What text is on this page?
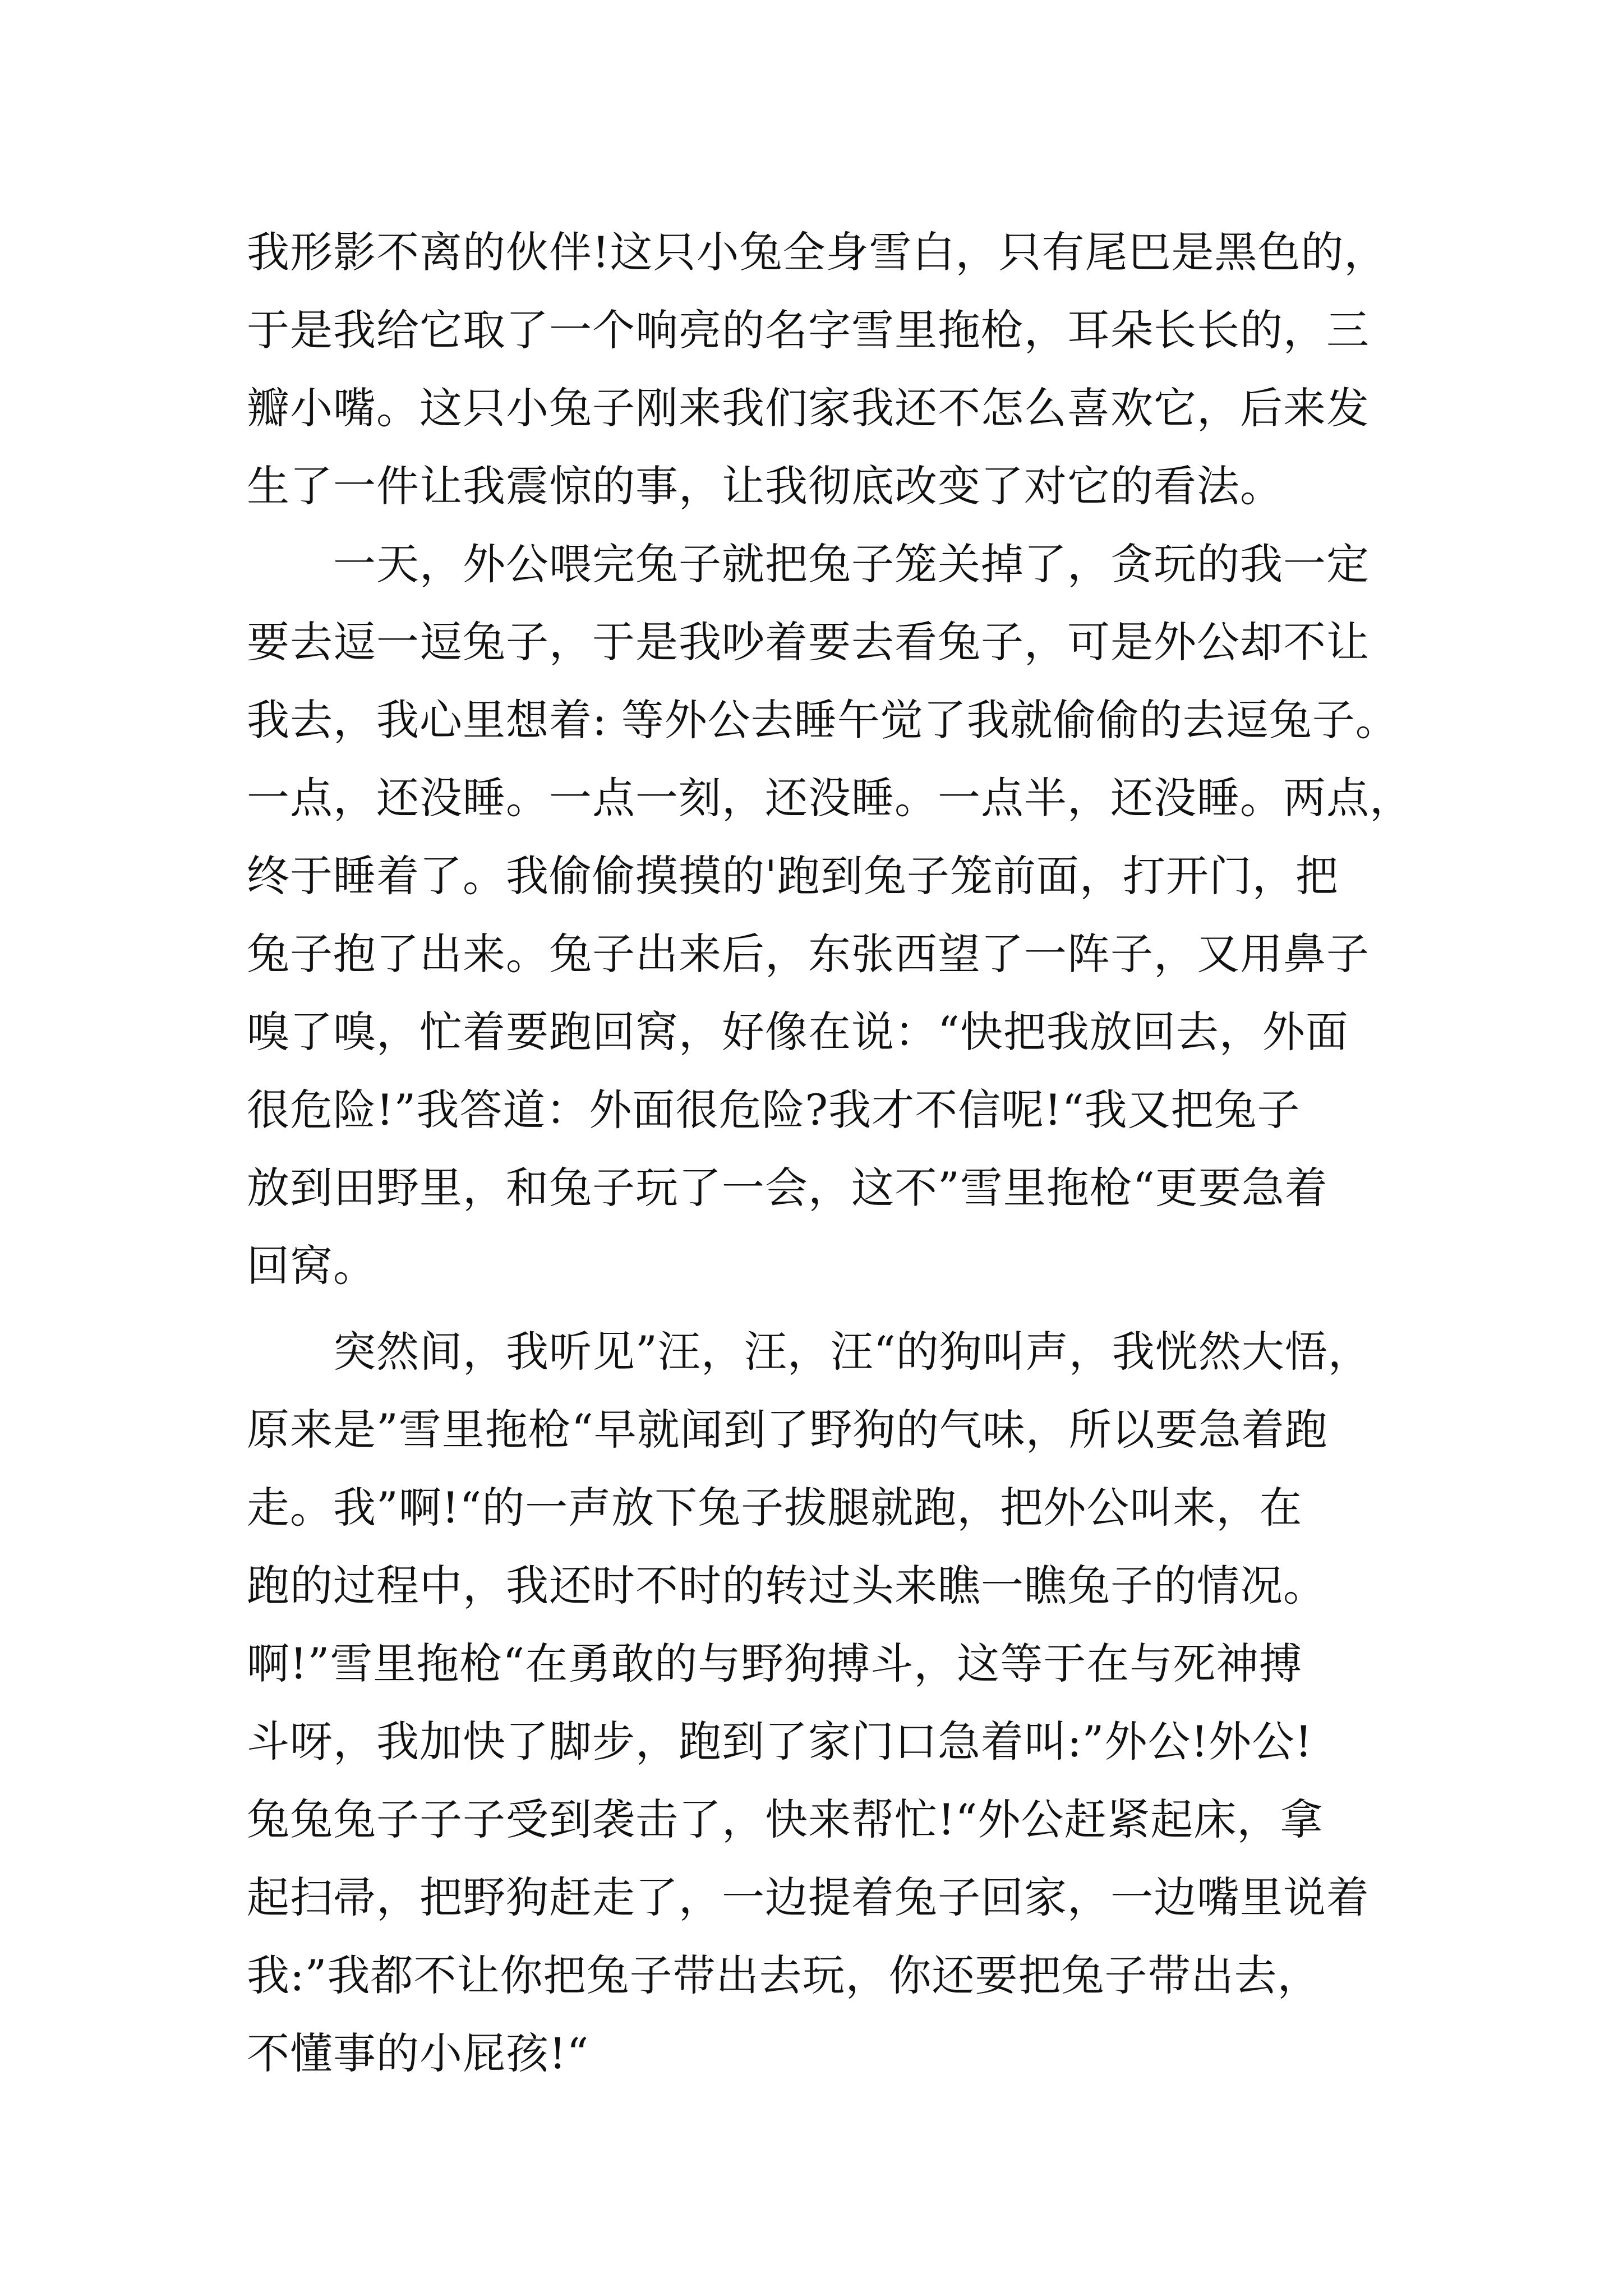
我形影不离的伙伴!这只小兔全身雪白，只有尾巴是黑色的，
于是我给它取了一个响亮的名字雪里拖枪，耳朵长长的，三
瓣小嘴。这只小兔子刚来我们家我还不怎么喜欢它，后来发
生了一件让我震惊的事，让我彻底改变了对它的看法。
一天，外公喂完兔子就把兔子笼关掉了，贪玩的我一定
要去逗一逗兔子，于是我吵着要去看兔子，可是外公却不让
我去，我心里想着: 等外公去睡午觉了我就偷偷的去逗兔子。
一点，还没睡。一点一刻，还没睡。一点半，还没睡。两点，
终于睡着了。我偷偷摸摸的'跑到兔子笼前面，打开门，把
兔子抱了出来。兔子出来后，东张西望了一阵子，又用鼻子
嗅了嗅，忙着要跑回窝，好像在说：“快把我放回去，外面
很危险!”我答道：外面很危险?我才不信呢!“我又把兔子
放到田野里，和兔子玩了一会，这不”雪里拖枪“更要急着
回窝。
突然间，我听见”汪，汪，汪“的狗叫声，我恍然大悟，
原来是”雪里拖枪“早就闻到了野狗的气味，所以要急着跑
走。我”啊!“的一声放下兔子拔腿就跑，把外公叫来，在
跑的过程中，我还时不时的转过头来瞧一瞧兔子的情况。
啊!”雪里拖枪“在勇敢的与野狗搏斗，这等于在与死神搏
斗呀，我加快了脚步，跑到了家门口急着叫:”外公!外公!
兔兔兔子子子受到袭击了，快来帮忙!“外公赶紧起床，拿
起扫帚，把野狗赶走了，一边提着兔子回家，一边嘴里说着
我:”我都不让你把兔子带出去玩，你还要把兔子带出去，
不懂事的小屁孩!“
